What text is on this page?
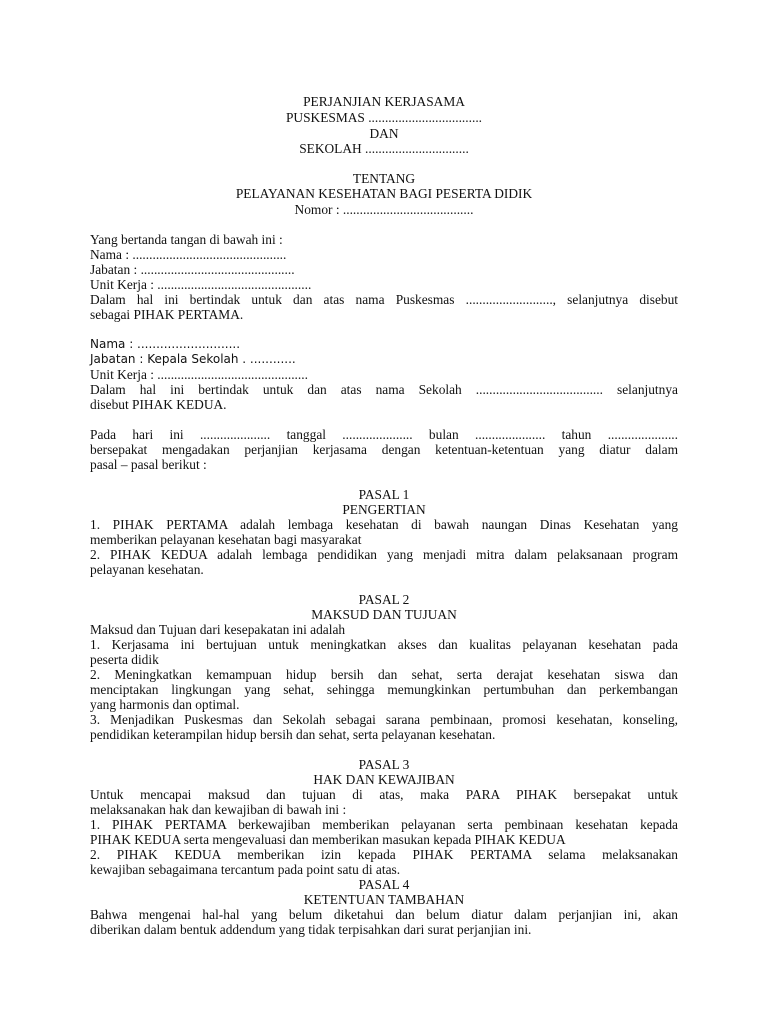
PERJANJIAN KERJASAMA
PUSKESMAS ..................................
DAN
SEKOLAH ...............................
TENTANG
PELAYANAN KESEHATAN BAGI PESERTA DIDIK
Nomor : .......................................
Yang bertanda tangan di bawah ini :
Nama : ..............................................
Jabatan : ..............................................
Unit Kerja : ..............................................
Dalam hal ini bertindak untuk dan atas nama Puskesmas .........................., selanjutnya disebut
sebagai PIHAK PERTAMA.
Nama : ...........................
Jabatan : Kepala Sekolah . ............
Unit Kerja : .............................................
Dalam hal ini bertindak untuk dan atas nama Sekolah ...................................... selanjutnya
disebut PIHAK KEDUA.
Pada hari ini ..................... tanggal ..................... bulan ..................... tahun .....................
bersepakat mengadakan perjanjian kerjasama dengan ketentuan-ketentuan yang diatur dalam
pasal – pasal berikut :
PASAL 1
PENGERTIAN
1. PIHAK PERTAMA adalah lembaga kesehatan di bawah naungan Dinas Kesehatan yang
memberikan pelayanan kesehatan bagi masyarakat
2. PIHAK KEDUA adalah lembaga pendidikan yang menjadi mitra dalam pelaksanaan program
pelayanan kesehatan.
PASAL 2
MAKSUD DAN TUJUAN
Maksud dan Tujuan dari kesepakatan ini adalah
1. Kerjasama ini bertujuan untuk meningkatkan akses dan kualitas pelayanan kesehatan pada
peserta didik
2. Meningkatkan kemampuan hidup bersih dan sehat, serta derajat kesehatan siswa dan
menciptakan lingkungan yang sehat, sehingga memungkinkan pertumbuhan dan perkembangan
yang harmonis dan optimal.
3. Menjadikan Puskesmas dan Sekolah sebagai sarana pembinaan, promosi kesehatan, konseling,
pendidikan keterampilan hidup bersih dan sehat, serta pelayanan kesehatan.
PASAL 3
HAK DAN KEWAJIBAN
Untuk mencapai maksud dan tujuan di atas, maka PARA PIHAK bersepakat untuk
melaksanakan hak dan kewajiban di bawah ini :
1. PIHAK PERTAMA berkewajiban memberikan pelayanan serta pembinaan kesehatan kepada
PIHAK KEDUA serta mengevaluasi dan memberikan masukan kepada PIHAK KEDUA
2. PIHAK KEDUA memberikan izin kepada PIHAK PERTAMA selama melaksanakan
kewajiban sebagaimana tercantum pada point satu di atas.
PASAL 4
KETENTUAN TAMBAHAN
Bahwa mengenai hal-hal yang belum diketahui dan belum diatur dalam perjanjian ini, akan
diberikan dalam bentuk addendum yang tidak terpisahkan dari surat perjanjian ini.
